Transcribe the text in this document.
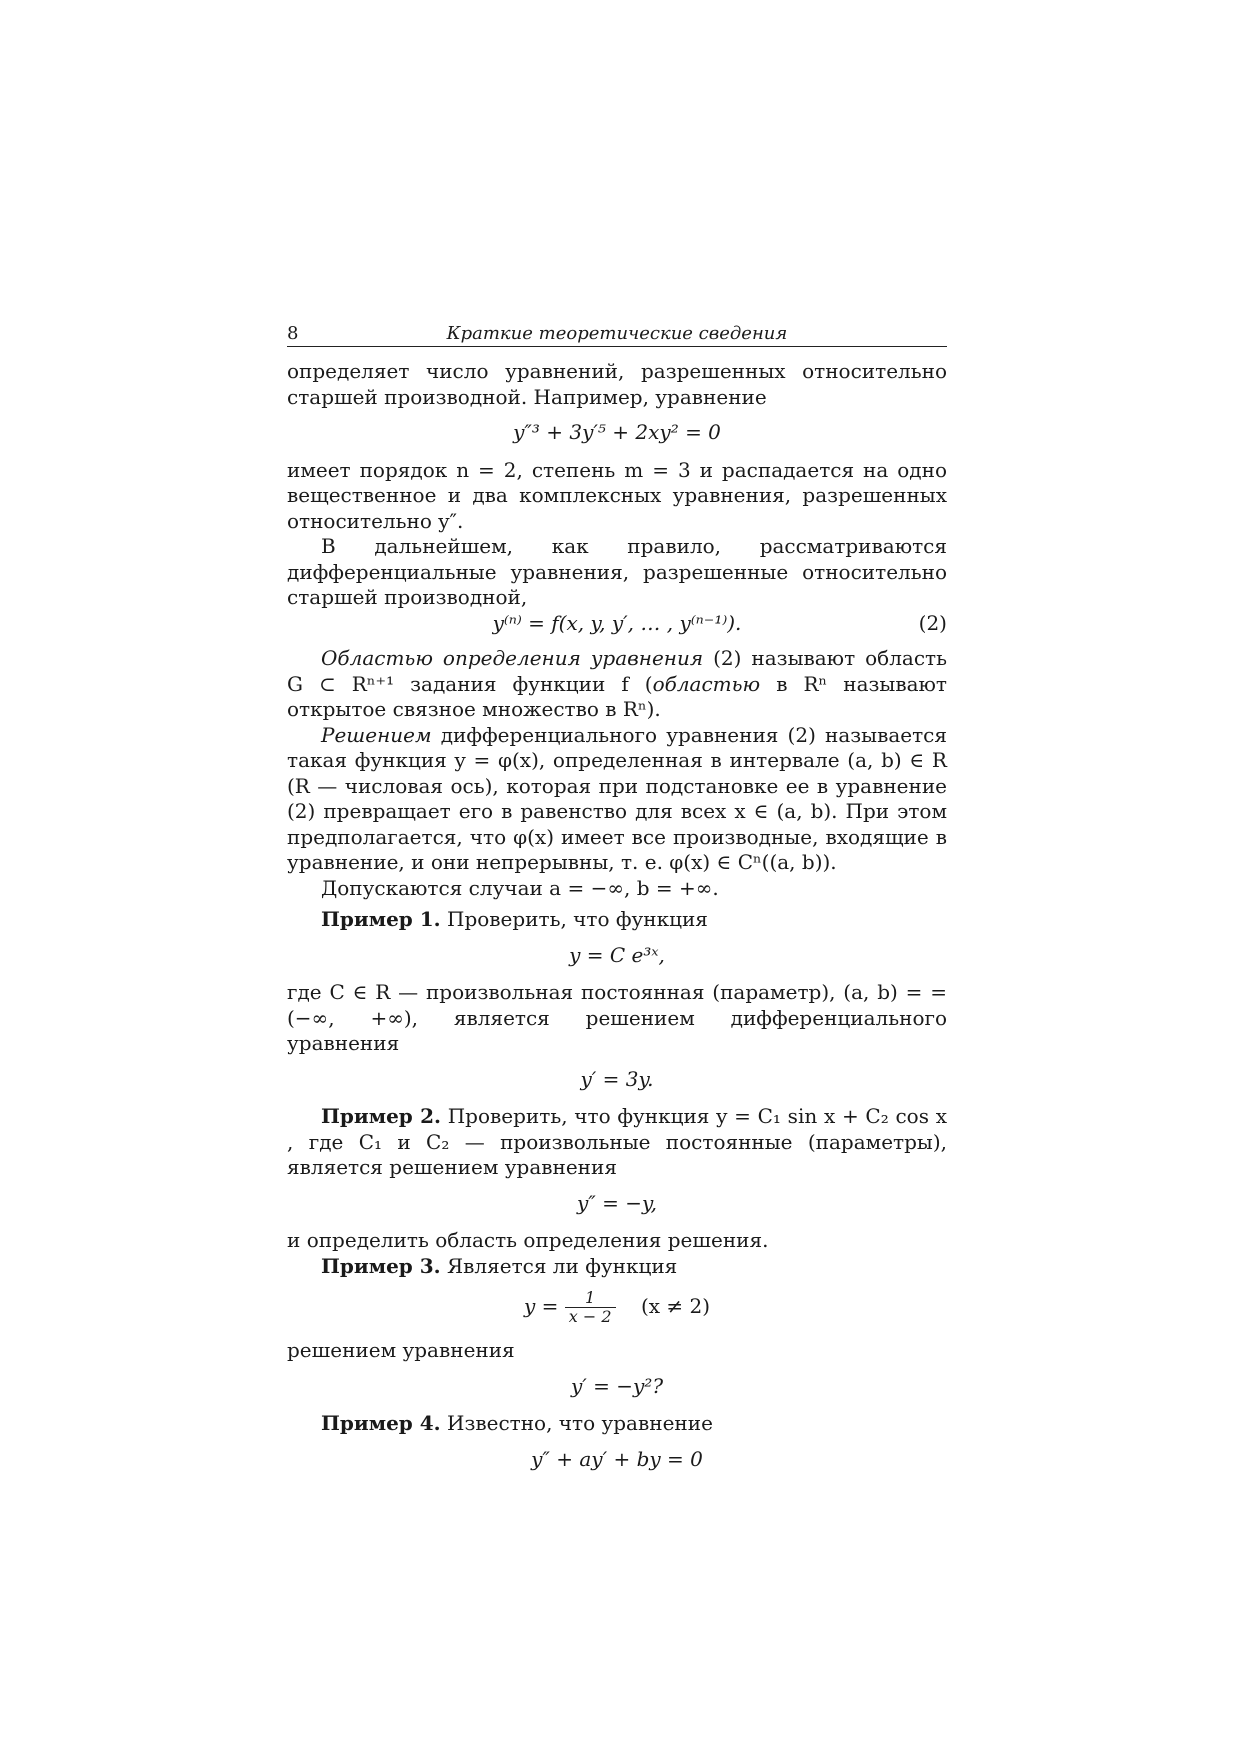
8	Краткие теоретические сведения

определяет число уравнений, разрешенных относительно старшей производной. Например, уравнение

y″³ + 3y′⁵ + 2xy² = 0

имеет порядок n = 2, степень m = 3 и распадается на одно вещественное и два комплексных уравнения, разрешенных относительно y″.

В дальнейшем, как правило, рассматриваются дифференциальные уравнения, разрешенные относительно старшей производной,

y⁽ⁿ⁾ = f(x, y, y′, … , y⁽ⁿ⁻¹⁾).	(2)

Областью определения уравнения (2) называют область G ⊂ Rⁿ⁺¹ задания функции f (областью в Rⁿ называют открытое связное множество в Rⁿ).

Решением дифференциального уравнения (2) называется такая функция y = φ(x), определенная в интервале (a, b) ∈ R (R — числовая ось), которая при подстановке ее в уравнение (2) превращает его в равенство для всех x ∈ (a, b). При этом предполагается, что φ(x) имеет все производные, входящие в уравнение, и они непрерывны, т. е. φ(x) ∈ Cⁿ((a, b)).

Допускаются случаи a = −∞, b = +∞.

Пример 1. Проверить, что функция

y = C e³ˣ,

где C ∈ R — произвольная постоянная (параметр), (a, b) = = (−∞, +∞), является решением дифференциального уравнения

y′ = 3y.

Пример 2. Проверить, что функция y = C₁ sin x + C₂ cos x , где C₁ и C₂ — произвольные постоянные (параметры), является решением уравнения

y″ = −y,

и определить область определения решения.

Пример 3. Является ли функция

$y = \frac{1}{x - 2} (x \ne 2)$

решением уравнения

y′ = −y²?

Пример 4. Известно, что уравнение

y″ + ay′ + by = 0
